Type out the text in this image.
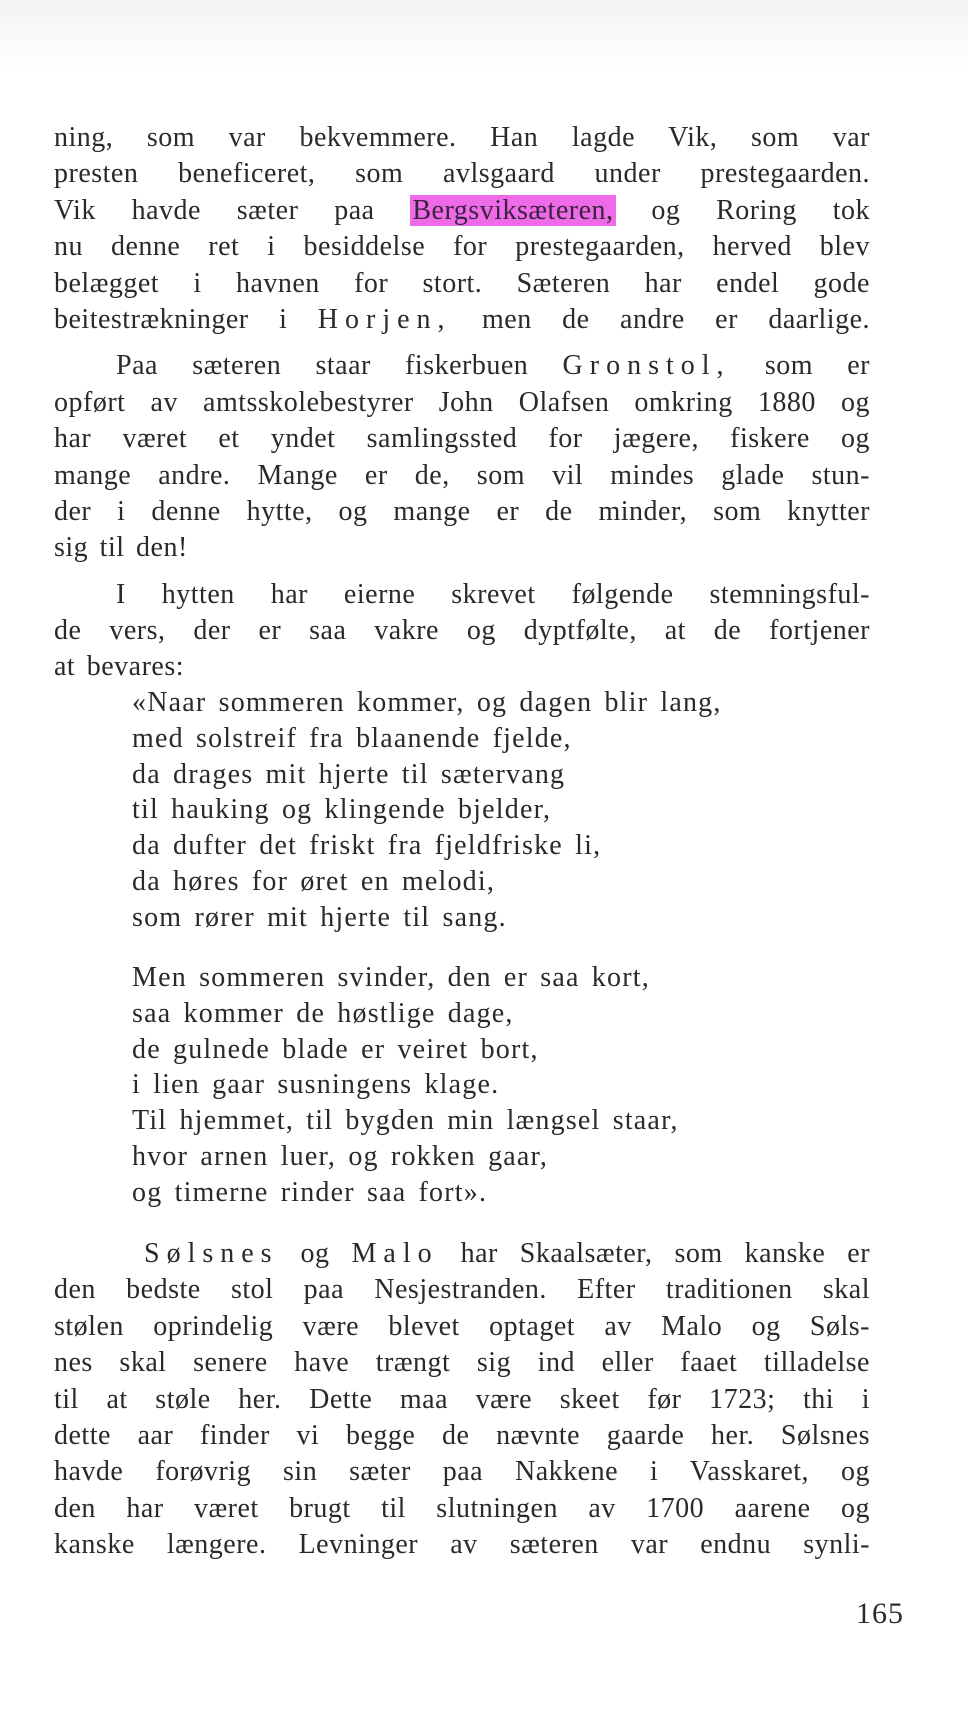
ning, som var bekvemmere. Han lagde Vik, som var
presten beneficeret, som avlsgaard under prestegaarden.
Vik havde sæter paa Bergsviksæteren, og Roring tok
nu denne ret i besiddelse for prestegaarden, herved blev
belægget i havnen for stort. Sæteren har endel gode
beitestrækninger i Horjen, men de andre er daarlige.
Paa sæteren staar fiskerbuen Gronstol, som er
opført av amtsskolebestyrer John Olafsen omkring 1880 og
har været et yndet samlingssted for jægere, fiskere og
mange andre. Mange er de, som vil mindes glade stun-
der i denne hytte, og mange er de minder, som knytter
sig til den!
I hytten har eierne skrevet følgende stemningsful-
de vers, der er saa vakre og dyptfølte, at de fortjener
at bevares:
«Naar sommeren kommer, og dagen blir lang,
med solstreif fra blaanende fjelde,
da drages mit hjerte til sætervang
til hauking og klingende bjelder,
da dufter det friskt fra fjeldfriske li,
da høres for øret en melodi,
som rører mit hjerte til sang.
Men sommeren svinder, den er saa kort,
saa kommer de høstlige dage,
de gulnede blade er veiret bort,
i lien gaar susningens klage.
Til hjemmet, til bygden min længsel staar,
hvor arnen luer, og rokken gaar,
og timerne rinder saa fort».
Sølsnes og Malo har Skaalsæter, som kanske er
den bedste stol paa Nesjestranden. Efter traditionen skal
stølen oprindelig være blevet optaget av Malo og Søls-
nes skal senere have trængt sig ind eller faaet tilladelse
til at støle her. Dette maa være skeet før 1723; thi i
dette aar finder vi begge de nævnte gaarde her. Sølsnes
havde forøvrig sin sæter paa Nakkene i Vasskaret, og
den har været brugt til slutningen av 1700 aarene og
kanske længere. Levninger av sæteren var endnu synli-
165
